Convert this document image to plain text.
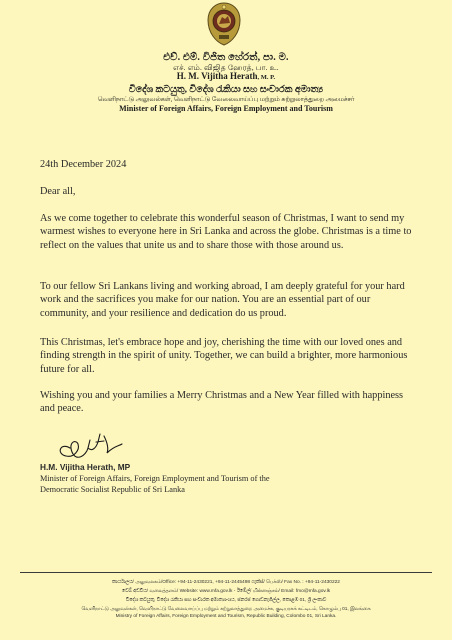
එච්. එම්. විජිත හේරත්, පා. ම.
எச். எம். விஜித ஹேரத், பா. உ.
H. M. Vijitha Herath, M. P.
විදේශ කටයුතු, විදේශ රැකියා සහ සංචාරක අමාත්‍ය
வெளிநாட்டு அலுவல்கள், வெளிநாட்டு வேலைவாய்ப்பு மற்றும் சுற்றுலாத்துறை அமைச்சர்
Minister of Foreign Affairs, Foreign Employment and Tourism
24th December 2024
Dear all,

As we come together to celebrate this wonderful season of Christmas, I want to send my warmest wishes to everyone here in Sri Lanka and across the globe. Christmas is a time to reflect on the values that unite us and to share those with those around us.

To our fellow Sri Lankans living and working abroad, I am deeply grateful for your hard work and the sacrifices you make for our nation. You are an essential part of our community, and your resilience and dedication do us proud.

This Christmas, let's embrace hope and joy, cherishing the time with our loved ones and finding strength in the spirit of unity. Together, we can build a brighter, more harmonious future for all.

Wishing you and your families a Merry Christmas and a New Year filled with happiness and peace.

H.M. Vijitha Herath, MP
Minister of Foreign Affairs, Foreign Employment and Tourism of the
Democratic Socialist Republic of Sri Lanka
කාර්යාලය/ அலுவலகம்/Office: +94-11-2430221, +94-11-2445498 ෆැක්ස්/ பெக்ஸ்/ Fax No. : +94-11-2430222
වෙබ් අඩවිය/ வலைத்தளம்/ Website: www.mfa.gov.lk - ඊමේල්/ மின்னஞ்சல்/ Email: fmo@mfa.gov.lk
විදේශ කටයුතු, විදේශ රැකියා සහ සංචාරක අමාත්‍යාංශය, ජනරජ ගොඩනැගිල්ල, කොළඹ 01, ශ්‍රී ලංකාව
வெளிநாட்டு அலுவல்கள், வெளிநாட்டு வேலைவாய்ப்பு மற்றும் சுற்றுலாத்துறை அமைச்சு, குடியரசுக் கட்டிடம், கொழும்பு 01, இலங்கை
Ministry of Foreign Affairs, Foreign Employment and Tourism, Republic Building, Colombo 01, Sri Lanka.
